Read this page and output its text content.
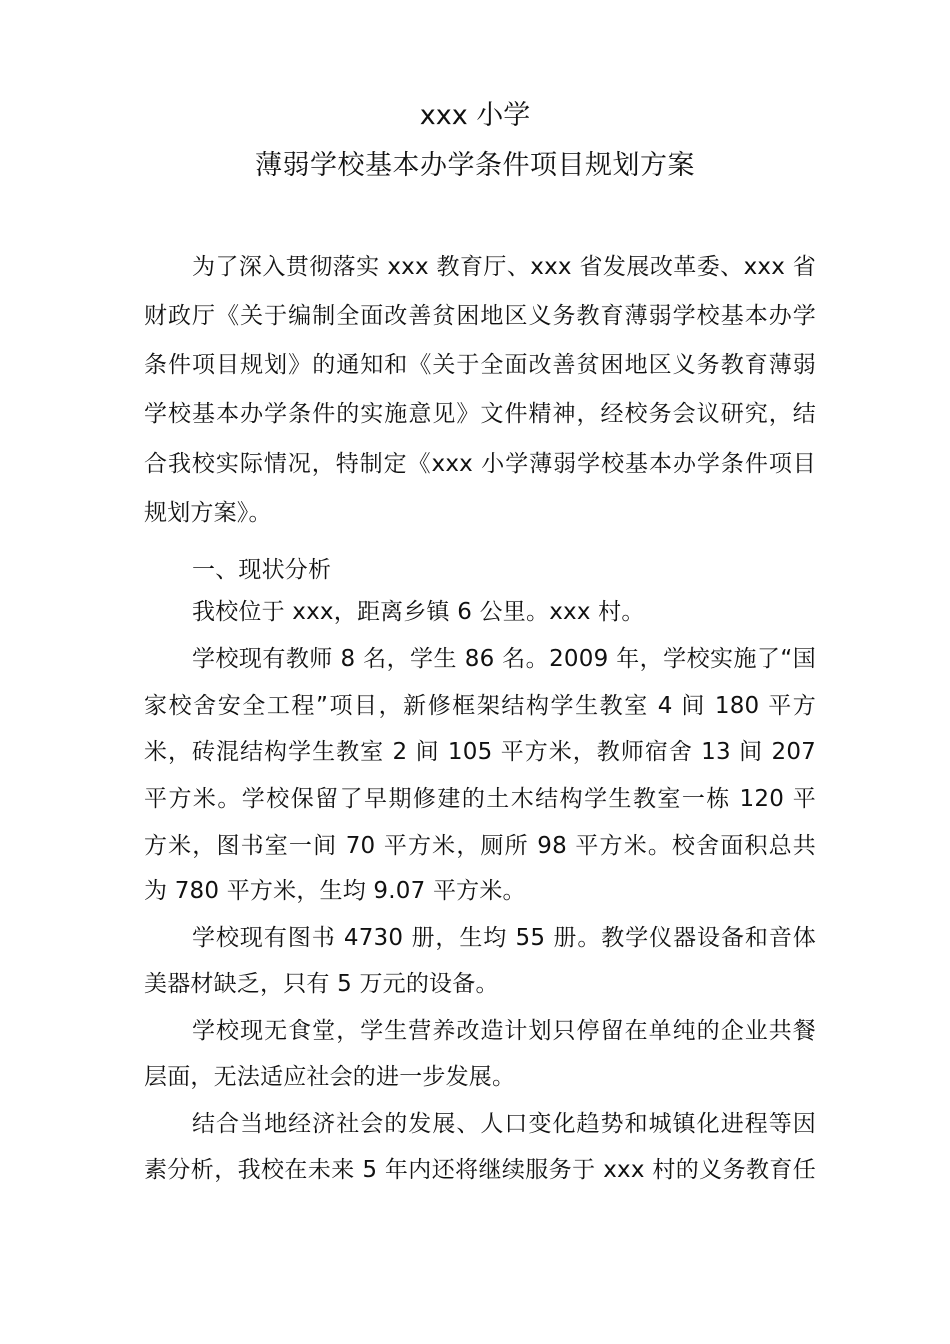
xxx 小学
薄弱学校基本办学条件项目规划方案
为了深入贯彻落实 xxx 教育厅、xxx 省发展改革委、xxx 省
财政厅《关于编制全面改善贫困地区义务教育薄弱学校基本办学
条件项目规划》的通知和《关于全面改善贫困地区义务教育薄弱
学校基本办学条件的实施意见》文件精神，经校务会议研究，结
合我校实际情况，特制定《xxx 小学薄弱学校基本办学条件项目
规划方案》。
一、现状分析
我校位于 xxx，距离乡镇 6 公里。xxx 村。
学校现有教师 8 名，学生 86 名。2009 年，学校实施了“国
家校舍安全工程”项目，新修框架结构学生教室 4 间 180 平方
米，砖混结构学生教室 2 间 105 平方米，教师宿舍 13 间 207
平方米。学校保留了早期修建的土木结构学生教室一栋 120 平
方米，图书室一间 70 平方米，厕所 98 平方米。校舍面积总共
为 780 平方米，生均 9.07 平方米。
学校现有图书 4730 册，生均 55 册。教学仪器设备和音体
美器材缺乏，只有 5 万元的设备。
学校现无食堂，学生营养改造计划只停留在单纯的企业共餐
层面，无法适应社会的进一步发展。
结合当地经济社会的发展、人口变化趋势和城镇化进程等因
素分析，我校在未来 5 年内还将继续服务于 xxx 村的义务教育任
